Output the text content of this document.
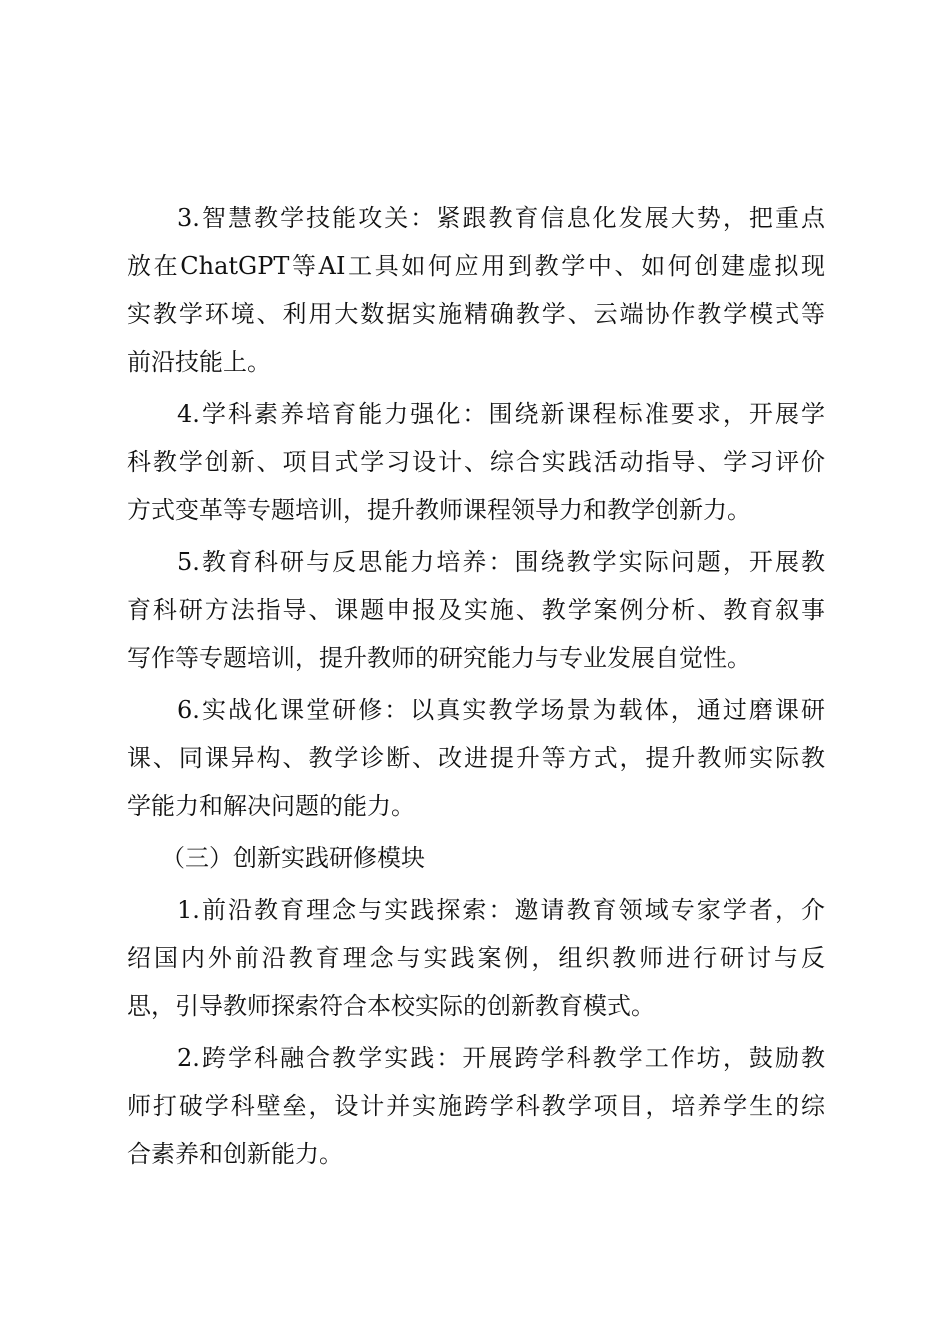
3.智慧教学技能攻关：紧跟教育信息化发展大势，把重点
放在ChatGPT等AI工具如何应用到教学中、如何创建虚拟现
实教学环境、利用大数据实施精确教学、云端协作教学模式等
前沿技能上。
4.学科素养培育能力强化：围绕新课程标准要求，开展学
科教学创新、项目式学习设计、综合实践活动指导、学习评价
方式变革等专题培训，提升教师课程领导力和教学创新力。
5.教育科研与反思能力培养：围绕教学实际问题，开展教
育科研方法指导、课题申报及实施、教学案例分析、教育叙事
写作等专题培训，提升教师的研究能力与专业发展自觉性。
6.实战化课堂研修：以真实教学场景为载体，通过磨课研
课、同课异构、教学诊断、改进提升等方式，提升教师实际教
学能力和解决问题的能力。
（三）创新实践研修模块
1.前沿教育理念与实践探索：邀请教育领域专家学者，介
绍国内外前沿教育理念与实践案例，组织教师进行研讨与反
思，引导教师探索符合本校实际的创新教育模式。
2.跨学科融合教学实践：开展跨学科教学工作坊，鼓励教
师打破学科壁垒，设计并实施跨学科教学项目，培养学生的综
合素养和创新能力。
